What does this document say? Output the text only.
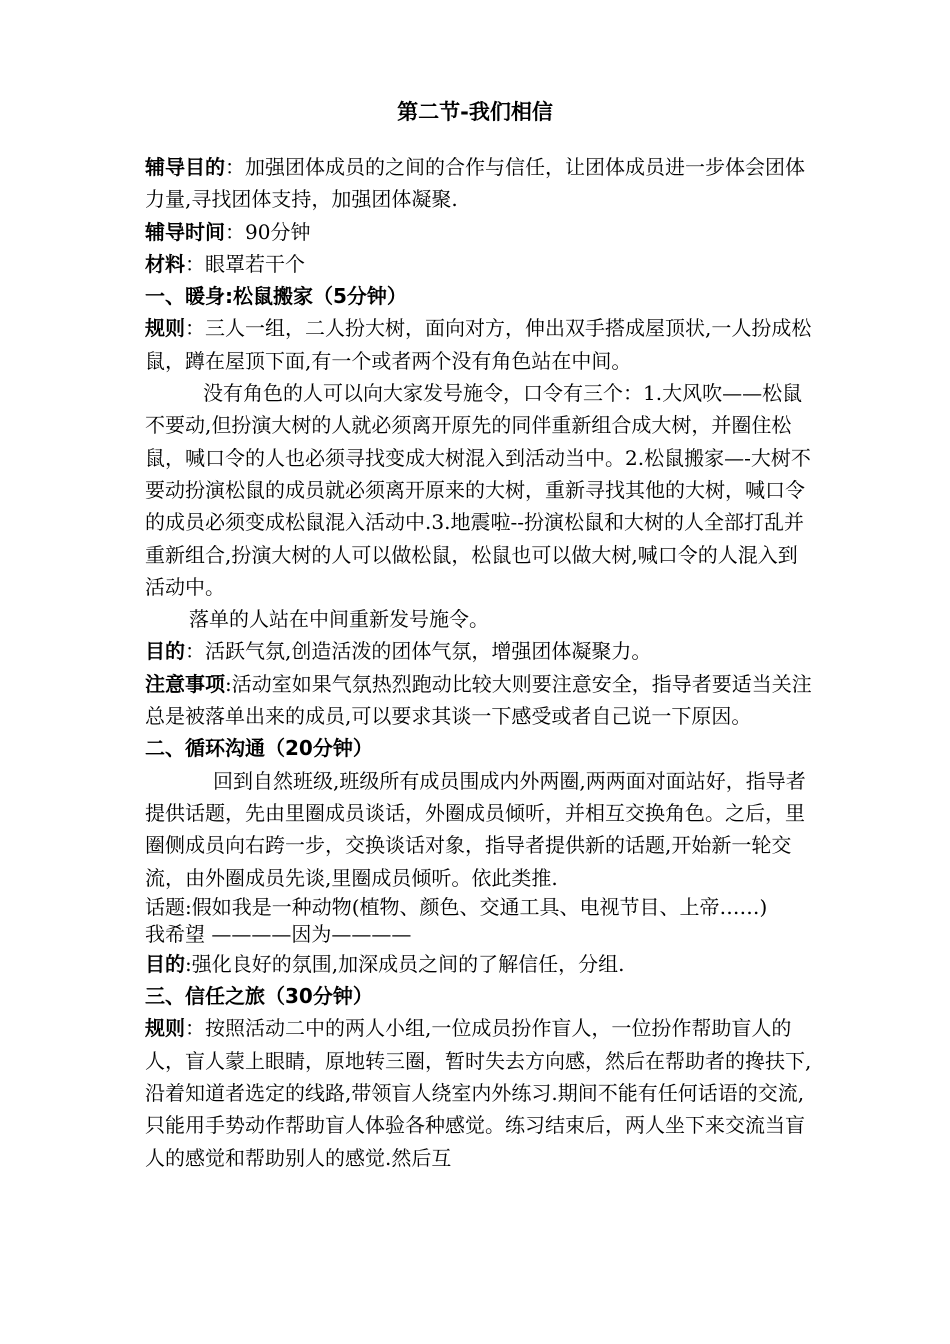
第二节-我们相信

辅导目的：加强团体成员的之间的合作与信任，让团体成员进一步体会团体力量,寻找团体支持，加强团体凝聚.

辅导时间：90分钟

材料：眼罩若干个

一、暖身:松鼠搬家（5分钟）

规则：三人一组，二人扮大树，面向对方，伸出双手搭成屋顶状,一人扮成松鼠，蹲在屋顶下面,有一个或者两个没有角色站在中间。

没有角色的人可以向大家发号施令，口令有三个：1.大风吹——松鼠不要动,但扮演大树的人就必须离开原先的同伴重新组合成大树，并圈住松鼠，喊口令的人也必须寻找变成大树混入到活动当中。2.松鼠搬家—-大树不要动扮演松鼠的成员就必须离开原来的大树，重新寻找其他的大树，喊口令的成员必须变成松鼠混入活动中.3.地震啦--扮演松鼠和大树的人全部打乱并重新组合,扮演大树的人可以做松鼠，松鼠也可以做大树,喊口令的人混入到活动中。

落单的人站在中间重新发号施令。

目的：活跃气氛,创造活泼的团体气氛，增强团体凝聚力。

注意事项:活动室如果气氛热烈跑动比较大则要注意安全，指导者要适当关注总是被落单出来的成员,可以要求其谈一下感受或者自己说一下原因。

二、循环沟通（20分钟）

回到自然班级,班级所有成员围成内外两圈,两两面对面站好，指导者提供话题，先由里圈成员谈话，外圈成员倾听，并相互交换角色。之后，里圈侧成员向右跨一步，交换谈话对象，指导者提供新的话题,开始新一轮交流，由外圈成员先谈,里圈成员倾听。依此类推.

话题:假如我是一种动物(植物、颜色、交通工具、电视节目、上帝……)

我希望 ————因为————

目的:强化良好的氛围,加深成员之间的了解信任，分组.

三、信任之旅（30分钟）

规则：按照活动二中的两人小组,一位成员扮作盲人，一位扮作帮助盲人的人，盲人蒙上眼睛，原地转三圈，暂时失去方向感，然后在帮助者的搀扶下,沿着知道者选定的线路,带领盲人绕室内外练习.期间不能有任何话语的交流,只能用手势动作帮助盲人体验各种感觉。练习结束后，两人坐下来交流当盲人的感觉和帮助别人的感觉.然后互
